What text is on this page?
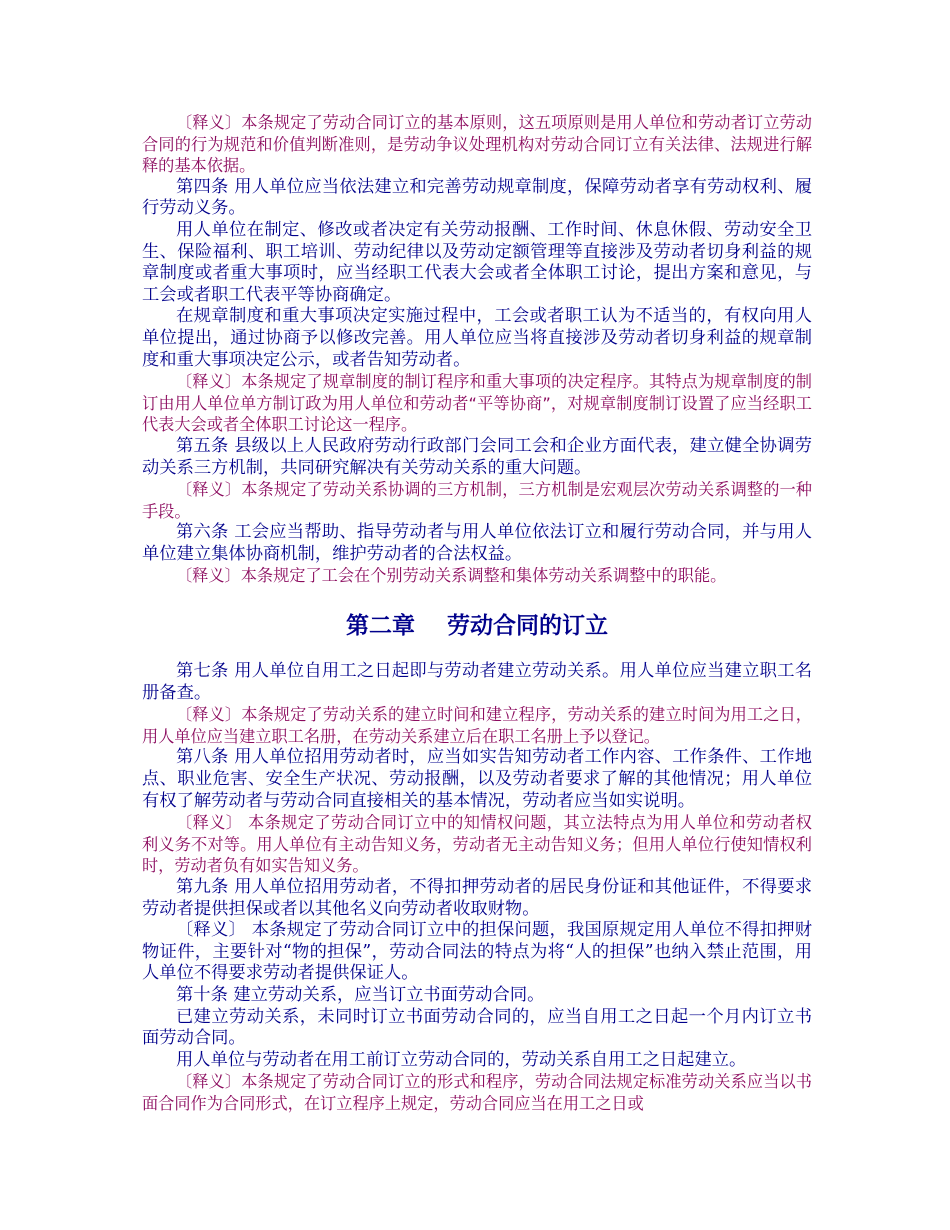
〔释义〕本条规定了劳动合同订立的基本原则，这五项原则是用人单位和劳动者订立劳动合同的行为规范和价值判断准则，是劳动争议处理机构对劳动合同订立有关法律、法规进行解释的基本依据。

第四条 用人单位应当依法建立和完善劳动规章制度，保障劳动者享有劳动权利、履行劳动义务。

用人单位在制定、修改或者决定有关劳动报酬、工作时间、休息休假、劳动安全卫生、保险福利、职工培训、劳动纪律以及劳动定额管理等直接涉及劳动者切身利益的规章制度或者重大事项时，应当经职工代表大会或者全体职工讨论，提出方案和意见，与工会或者职工代表平等协商确定。

在规章制度和重大事项决定实施过程中，工会或者职工认为不适当的，有权向用人单位提出，通过协商予以修改完善。用人单位应当将直接涉及劳动者切身利益的规章制度和重大事项决定公示，或者告知劳动者。

〔释义〕本条规定了规章制度的制订程序和重大事项的决定程序。其特点为规章制度的制订由用人单位单方制订政为用人单位和劳动者“平等协商”，对规章制度制订设置了应当经职工代表大会或者全体职工讨论这一程序。

第五条 县级以上人民政府劳动行政部门会同工会和企业方面代表，建立健全协调劳动关系三方机制，共同研究解决有关劳动关系的重大问题。

〔释义〕本条规定了劳动关系协调的三方机制，三方机制是宏观层次劳动关系调整的一种手段。

第六条 工会应当帮助、指导劳动者与用人单位依法订立和履行劳动合同，并与用人单位建立集体协商机制，维护劳动者的合法权益。

〔释义〕本条规定了工会在个别劳动关系调整和集体劳动关系调整中的职能。

第二章    劳动合同的订立

第七条 用人单位自用工之日起即与劳动者建立劳动关系。用人单位应当建立职工名册备查。

〔释义〕本条规定了劳动关系的建立时间和建立程序，劳动关系的建立时间为用工之日，用人单位应当建立职工名册，在劳动关系建立后在职工名册上予以登记。

第八条 用人单位招用劳动者时，应当如实告知劳动者工作内容、工作条件、工作地点、职业危害、安全生产状况、劳动报酬，以及劳动者要求了解的其他情况；用人单位有权了解劳动者与劳动合同直接相关的基本情况，劳动者应当如实说明。

〔释义〕 本条规定了劳动合同订立中的知情权问题，其立法特点为用人单位和劳动者权利义务不对等。用人单位有主动告知义务，劳动者无主动告知义务；但用人单位行使知情权利时，劳动者负有如实告知义务。

第九条 用人单位招用劳动者，不得扣押劳动者的居民身份证和其他证件，不得要求劳动者提供担保或者以其他名义向劳动者收取财物。

〔释义〕 本条规定了劳动合同订立中的担保问题，我国原规定用人单位不得扣押财物证件，主要针对“物的担保”，劳动合同法的特点为将“人的担保”也纳入禁止范围，用人单位不得要求劳动者提供保证人。

第十条 建立劳动关系，应当订立书面劳动合同。

已建立劳动关系，未同时订立书面劳动合同的，应当自用工之日起一个月内订立书面劳动合同。

用人单位与劳动者在用工前订立劳动合同的，劳动关系自用工之日起建立。

〔释义〕本条规定了劳动合同订立的形式和程序，劳动合同法规定标准劳动关系应当以书面合同作为合同形式，在订立程序上规定，劳动合同应当在用工之日或
